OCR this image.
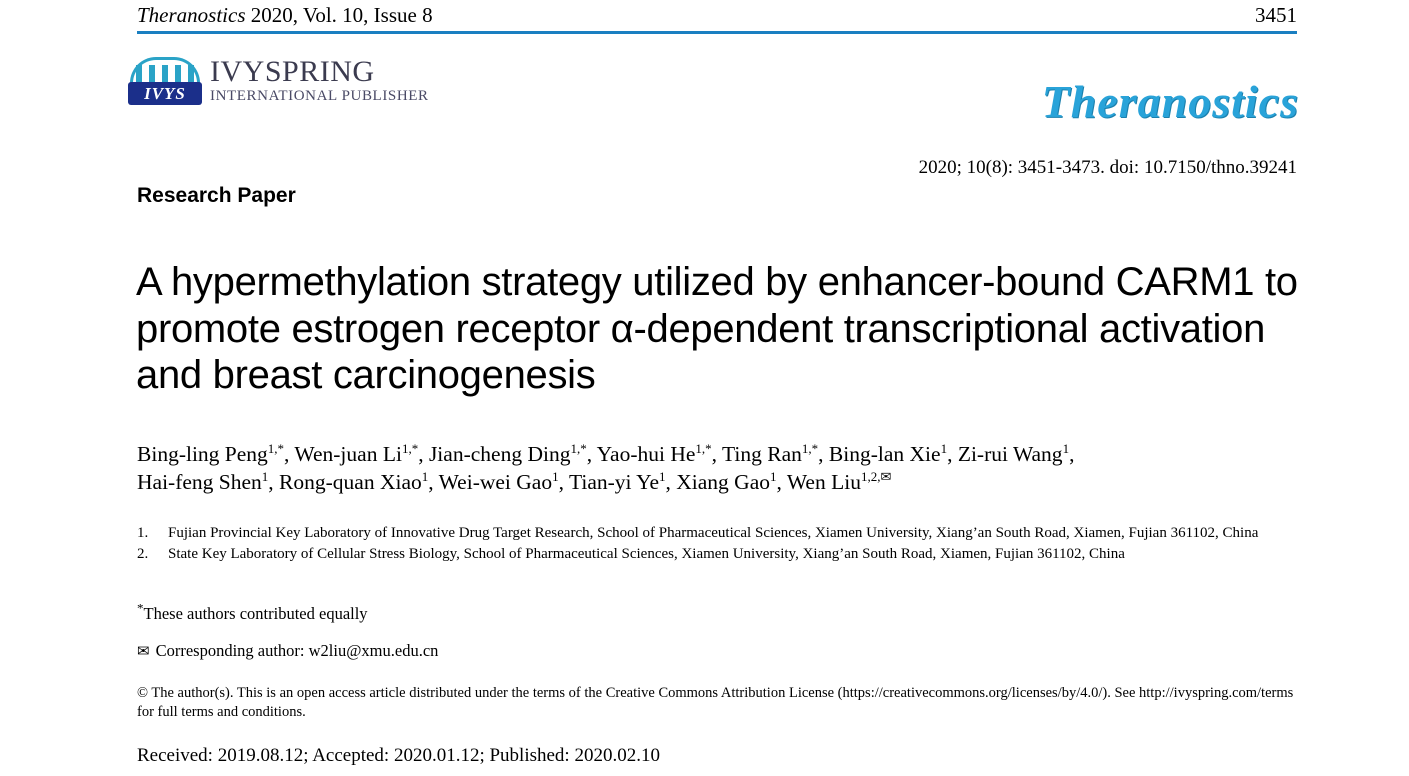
Theranostics 2020, Vol. 10, Issue 8	3451
IVYS
IVYSPRING
INTERNATIONAL PUBLISHER	Theranostics
2020; 10(8): 3451-3473. doi: 10.7150/thno.39241
Research Paper
A hypermethylation strategy utilized by enhancer-bound CARM1 to promote estrogen receptor α-dependent transcriptional activation and breast carcinogenesis
Bing-ling Peng$^{1,*}$, Wen-juan $Li^{1,*}$, Jian-cheng Ding$^{1,*}$, Yao-hui $He^{1,*}$, Ting Ran$^{1,*}$, Bing-lan Xie$^1$, Zi-rui Wang$^1$,
Hai-feng Shen$^1$, Rong-quan Xiao$^1$, Wei-wei Gao$^1$, Tian-yi Ye$^1$, Xiang Gao$^1$, Wen Liu$^{1,2,✉}$
1.	Fujian Provincial Key Laboratory of Innovative Drug Target Research, School of Pharmaceutical Sciences, Xiamen University, Xiang’an South Road, Xiamen, Fujian 361102, China
2.	State Key Laboratory of Cellular Stress Biology, School of Pharmaceutical Sciences, Xiamen University, Xiang’an South Road, Xiamen, Fujian 361102, China
*These authors contributed equally
✉ Corresponding author: w2liu@xmu.edu.cn
© The author(s). This is an open access article distributed under the terms of the Creative Commons Attribution License (https://creativecommons.org/licenses/by/4.0/). See http://ivyspring.com/terms for full terms and conditions.
Received: 2019.08.12; Accepted: 2020.01.12; Published: 2020.02.10
